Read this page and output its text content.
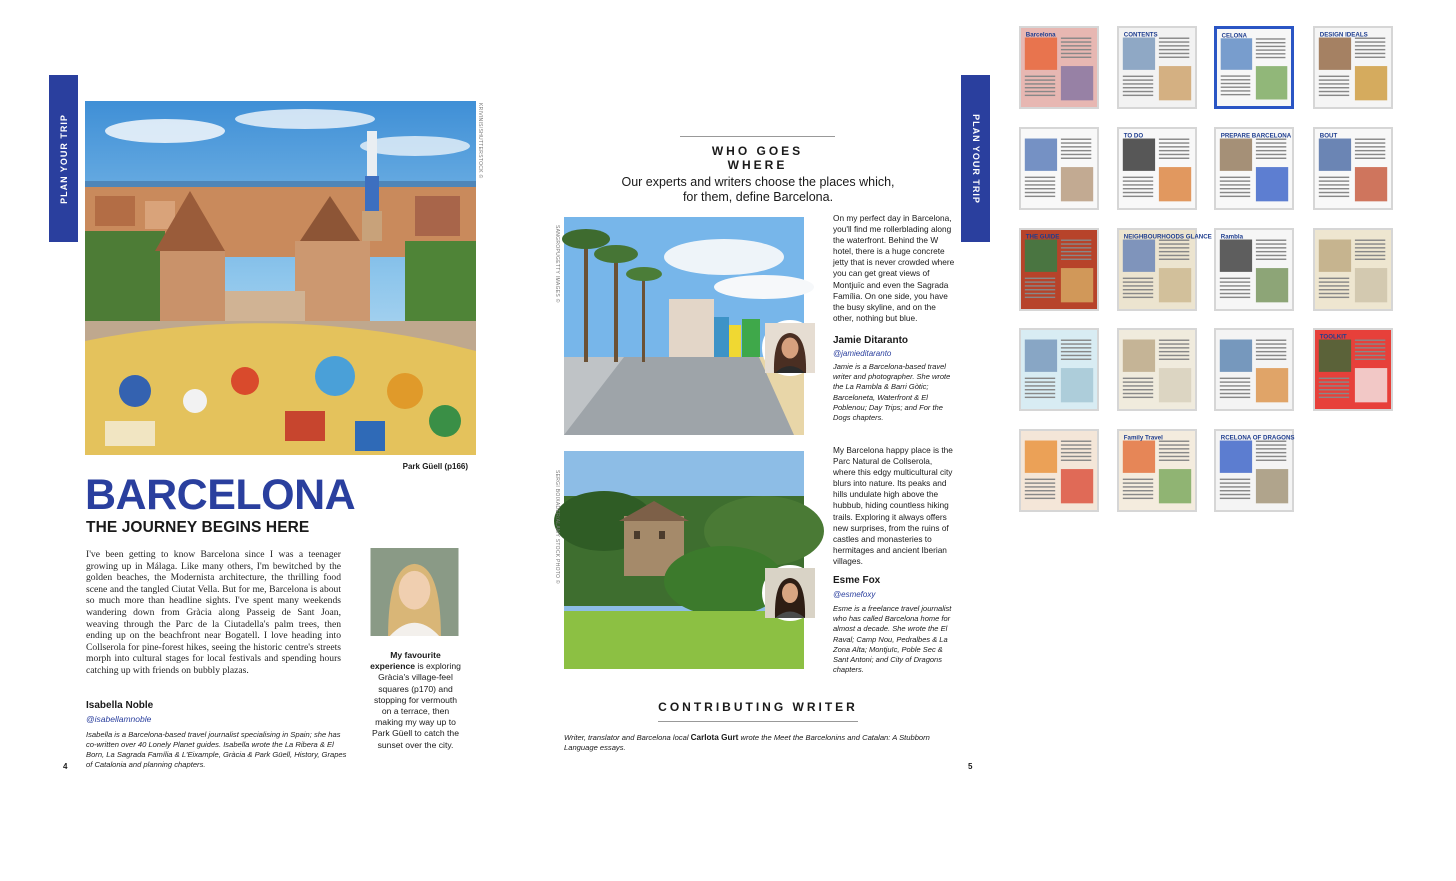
PLAN YOUR TRIP	KRIVINIS/SHUTTERSTOCK ©
Park Güell (p166)
BARCELONA
THE JOURNEY BEGINS HERE
I've been getting to know Barcelona since I was a teenager growing up in Málaga. Like many others, I'm bewitched by the golden beaches, the Modernista architecture, the thrilling food scene and the tangled Ciutat Vella. But for me, Barcelona is about so much more than headline sights. I've spent many weekends wandering down from Gràcia along Passeig de Sant Joan, weaving through the Parc de la Ciutadella's palm trees, then ending up on the beachfront near Bogatell. I love heading into Collserola for pine-forest hikes, seeing the historic centre's streets morph into cultural stages for local festivals and spending hours catching up with friends on bubbly plazas.
Isabella Noble
@isabellamnoble
Isabella is a Barcelona-based travel journalist specialising in Spain; she has co-written over 40 Lonely Planet guides. Isabella wrote the La Ribera & El Born, La Sagrada Família & L'Eixample, Gràcia & Park Güell, History, Grapes of Catalonia and planning chapters.
My favourite experience is exploring Gràcia's village-feel squares (p170) and stopping for vermouth on a terrace, then making my way up to Park Güell to catch the sunset over the city.
4
PLAN YOUR TRIP
WHO GOES WHERE
Our experts and writers choose the places which, for them, define Barcelona.
SANGROPUGETTY IMAGES ©
On my perfect day in Barcelona, you'll find me rollerblading along the waterfront. Behind the W hotel, there is a huge concrete jetty that is never crowded where you can get great views of Montjuïc and even the Sagrada Família. On one side, you have the busy skyline, and on the other, nothing but blue.
Jamie Ditaranto
@jamieditaranto
Jamie is a Barcelona-based travel writer and photographer. She wrote the La Rambla & Barri Gòtic; Barceloneta, Waterfront & El Poblenou; Day Trips; and For the Dogs chapters.
SERGI BOIXADER/ALAMY STOCK PHOTO ©
My Barcelona happy place is the Parc Natural de Collserola, where this edgy multicultural city blurs into nature. Its peaks and hills undulate high above the hubbub, hiding countless hiking trails. Exploring it always offers new surprises, from the ruins of castles and monasteries to hermitages and ancient Iberian villages.
Esme Fox
@esmefoxy
Esme is a freelance travel journalist who has called Barcelona home for almost a decade. She wrote the El Raval; Camp Nou, Pedralbes & La Zona Alta; Montjuïc, Poble Sec & Sant Antoni; and City of Dragons chapters.
CONTRIBUTING WRITER
Writer, translator and Barcelona local Carlota Gurt wrote the Meet the Barcelonins and Catalan: A Stubborn Language essays.
5
Barcelona	CONTENTS	CELONA	DESIGN IDEALS
TO DO	PREPARE BARCELONA	BOUT
THE GUIDE	NEIGHBOURHOODS GLANCE Rambla
TOOLKIT
Family Travel	RCELONA OF DRAGONS
